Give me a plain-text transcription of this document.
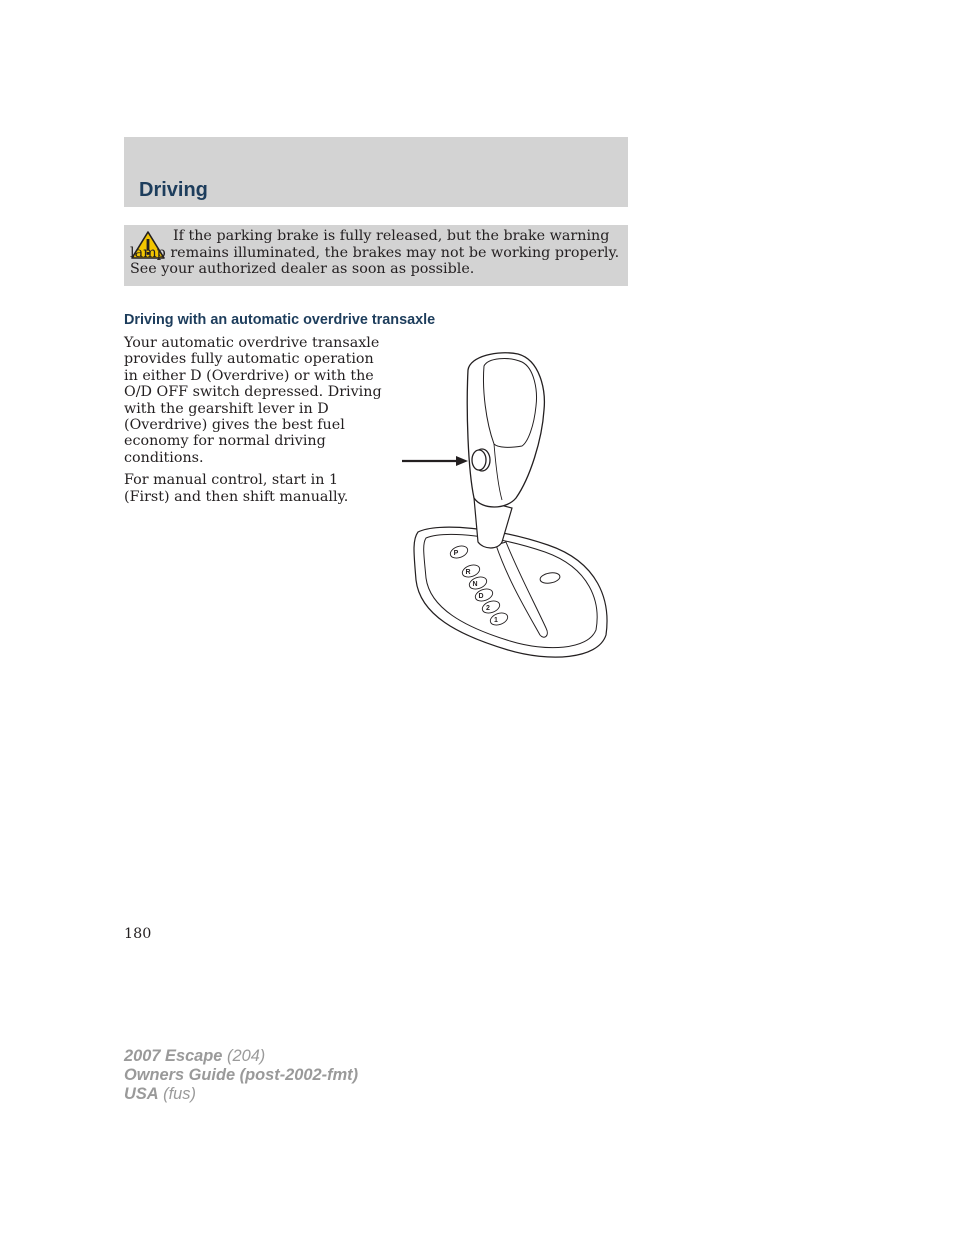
Driving

If the parking brake is fully released, but the brake warning lamp remains illuminated, the brakes may not be working properly. See your authorized dealer as soon as possible.

Driving with an automatic overdrive transaxle

Your automatic overdrive transaxle provides fully automatic operation in either D (Overdrive) or with the O/D OFF switch depressed. Driving with the gearshift lever in D (Overdrive) gives the best fuel economy for normal driving conditions.

For manual control, start in 1 (First) and then shift manually.

P
R
N
D
2
1
180
2007 Escape (204)
Owners Guide (post-2002-fmt)
USA (fus)
